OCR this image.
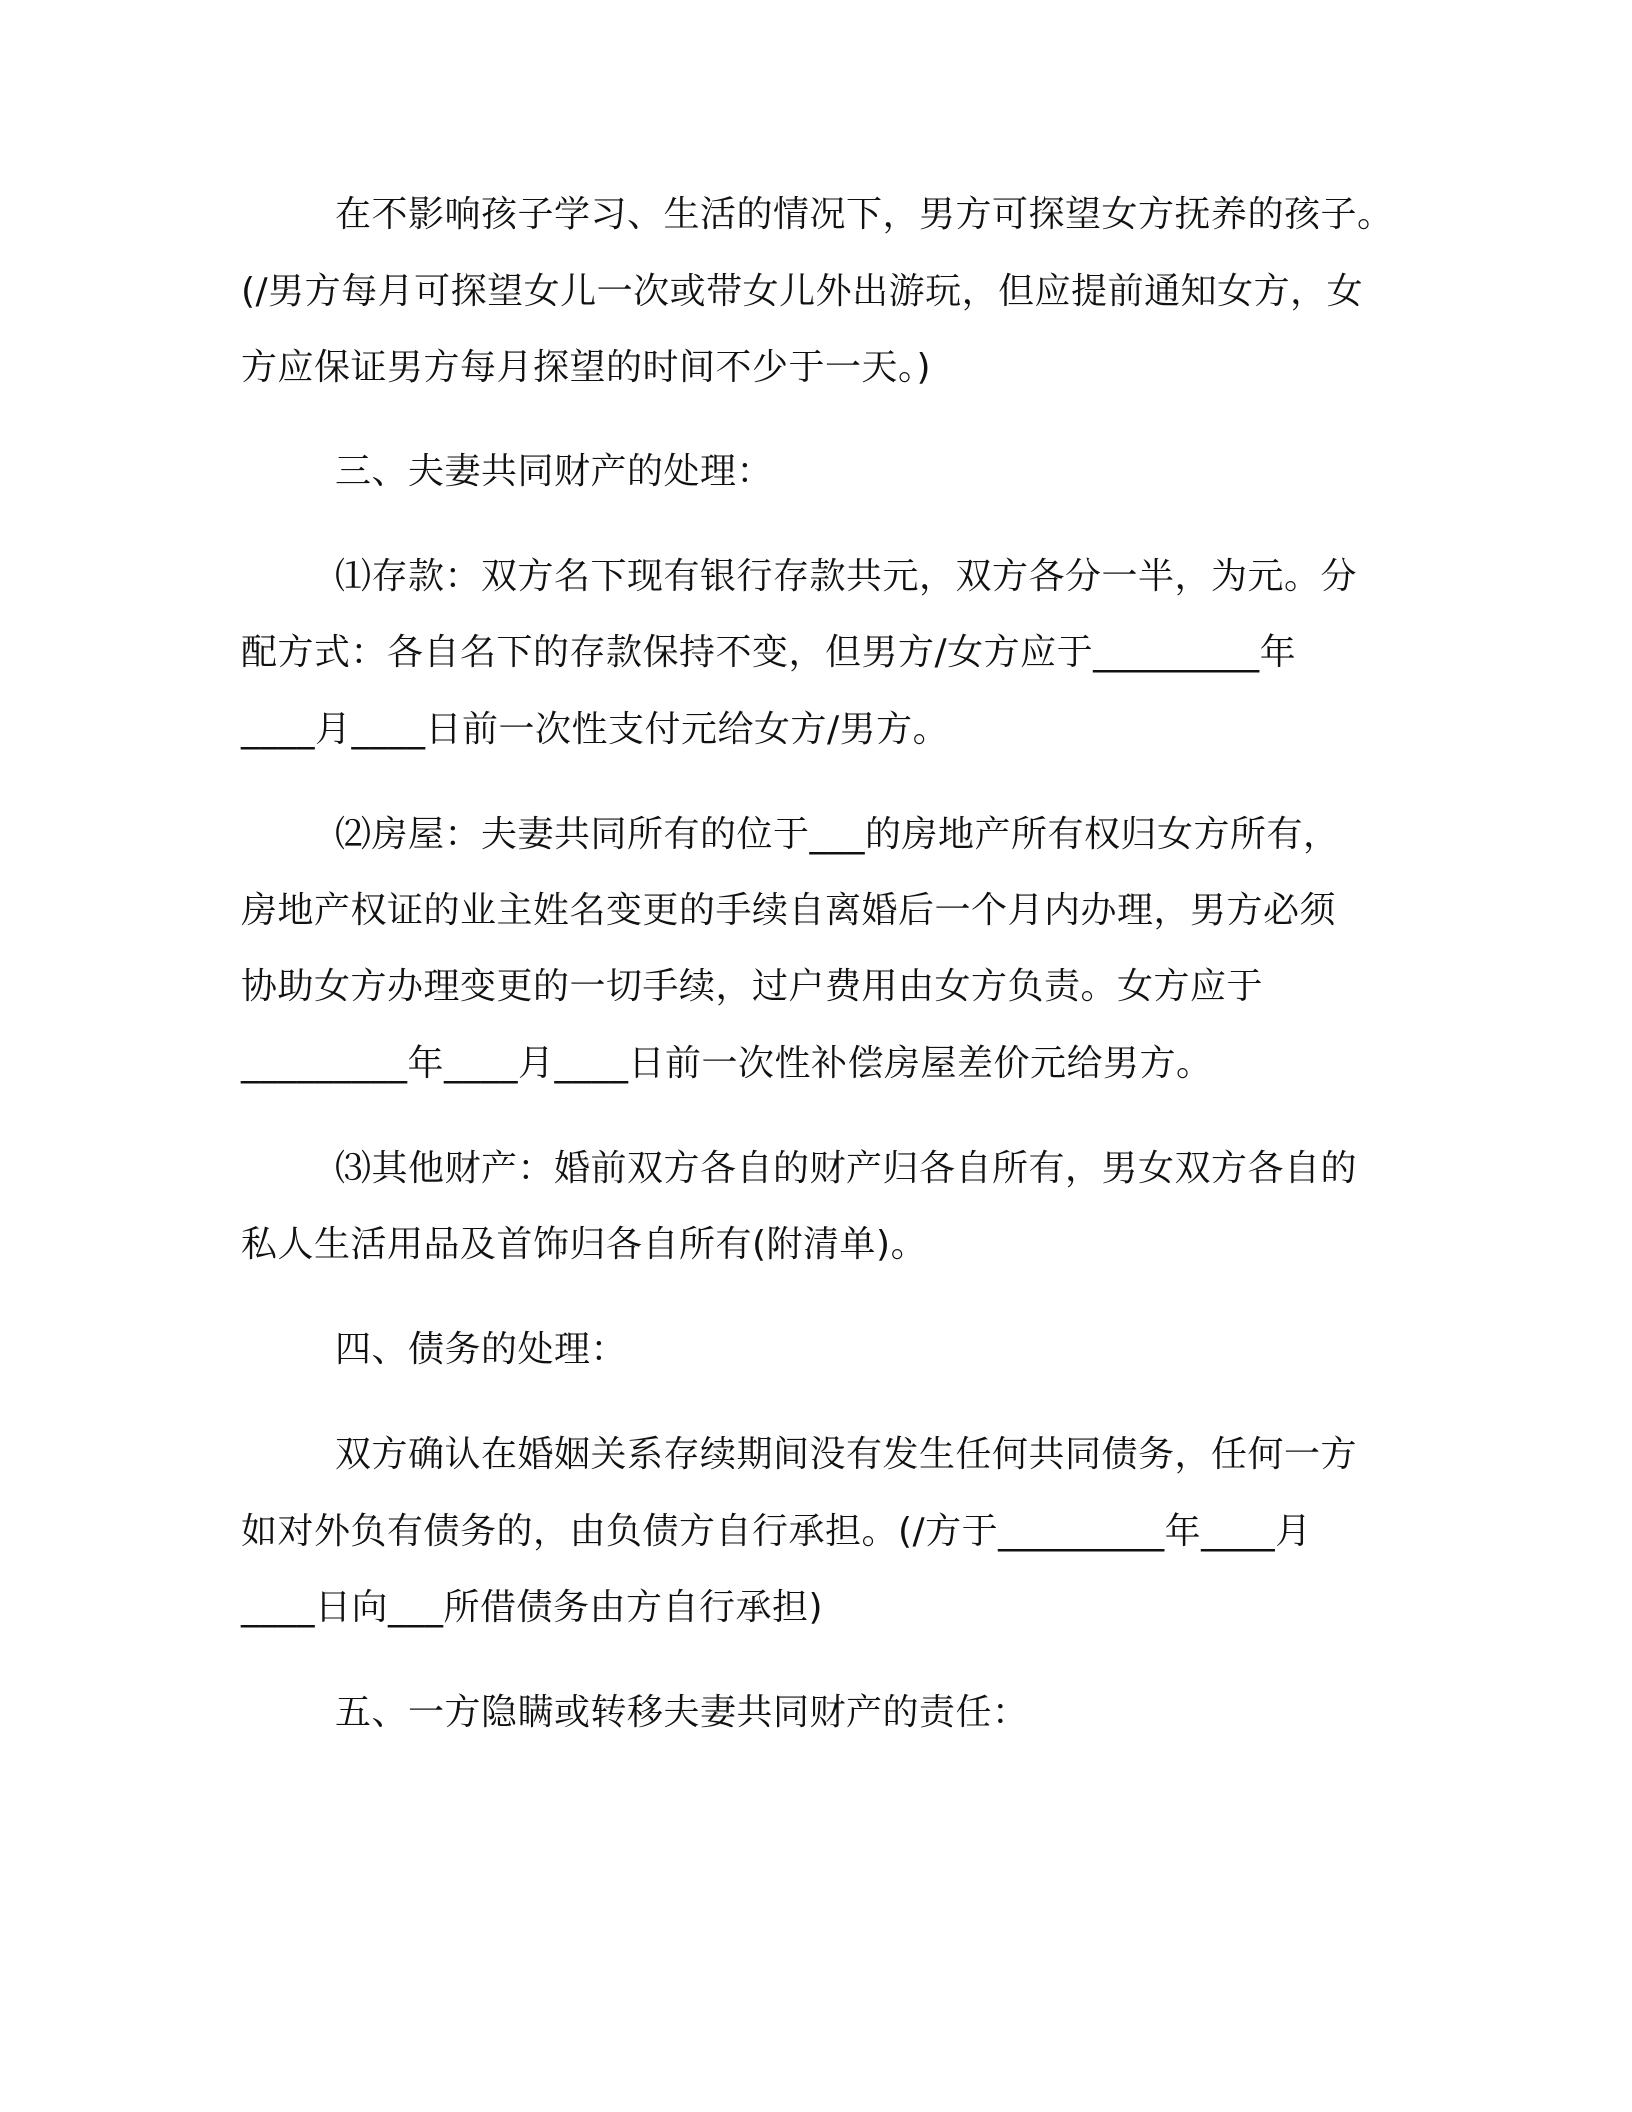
在不影响孩子学习、生活的情况下，男方可探望女方抚养的孩子。
(/男方每月可探望女儿一次或带女儿外出游玩，但应提前通知女方，女
方应保证男方每月探望的时间不少于一天。)
三、夫妻共同财产的处理：
⑴存款：双方名下现有银行存款共元，双方各分一半，为元。分
配方式：各自名下的存款保持不变，但男方/女方应于_________年
____月____日前一次性支付元给女方/男方。
⑵房屋：夫妻共同所有的位于___的房地产所有权归女方所有，
房地产权证的业主姓名变更的手续自离婚后一个月内办理，男方必须
协助女方办理变更的一切手续，过户费用由女方负责。女方应于
_________年____月____日前一次性补偿房屋差价元给男方。
⑶其他财产：婚前双方各自的财产归各自所有，男女双方各自的
私人生活用品及首饰归各自所有(附清单)。
四、债务的处理：
双方确认在婚姻关系存续期间没有发生任何共同债务，任何一方
如对外负有债务的，由负债方自行承担。(/方于_________年____月
____日向___所借债务由方自行承担)
五、一方隐瞒或转移夫妻共同财产的责任：
